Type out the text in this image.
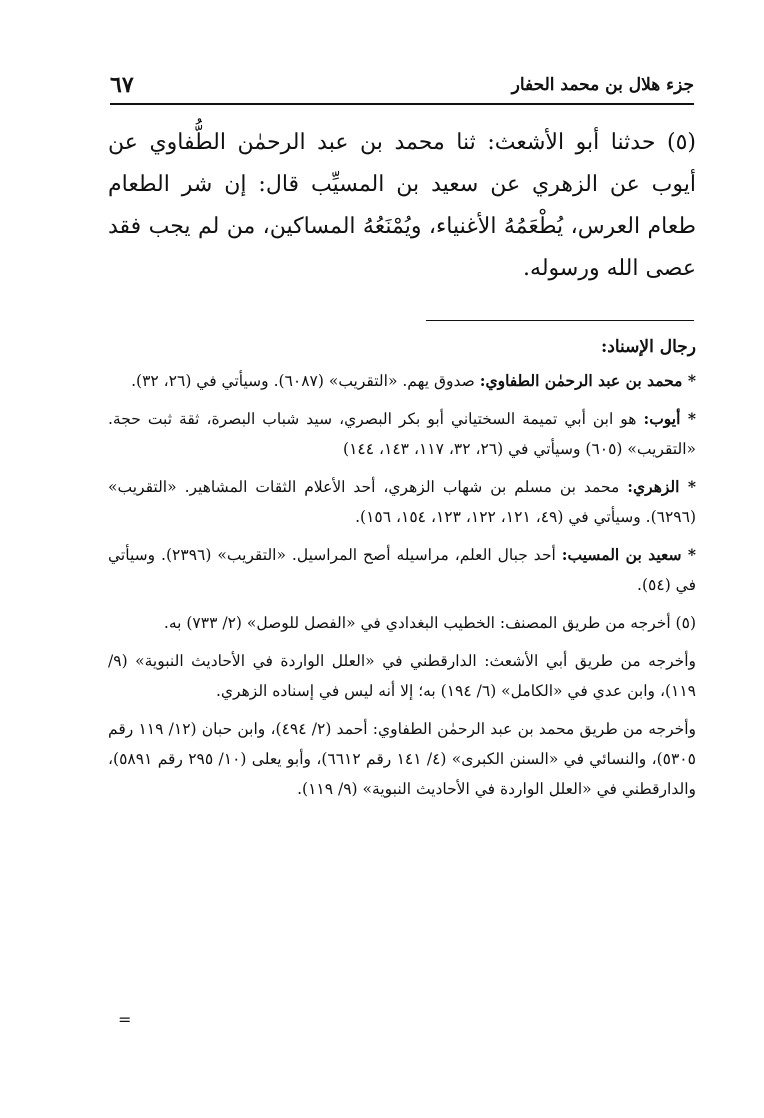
جزء هلال بن محمد الحفار
٦٧

(٥) حدثنا أبو الأشعث: ثنا محمد بن عبد الرحمٰن الطُّفاوي عن أيوب عن الزهري عن سعيد بن المسيِّب قال: إن شر الطعام طعام العرس، يُطْعَمُهُ الأغنياء، ويُمْنَعُهُ المساكين، من لم يجب فقد عصى الله ورسوله.

رجال الإسناد:

* محمد بن عبد الرحمٰن الطفاوي: صدوق يهم. «التقريب» (٦٠٨٧). وسيأتي في (٢٦، ٣٢).

* أيوب: هو ابن أبي تميمة السختياني أبو بكر البصري، سيد شباب البصرة، ثقة ثبت حجة. «التقريب» (٦٠٥) وسيأتي في (٢٦، ٣٢، ١١٧، ١٤٣، ١٤٤)

* الزهري: محمد بن مسلم بن شهاب الزهري، أحد الأعلام الثقات المشاهير. «التقريب» (٦٢٩٦). وسيأتي في (٤٩، ١٢١، ١٢٢، ١٢٣، ١٥٤، ١٥٦).

* سعيد بن المسيب: أحد جبال العلم، مراسيله أصح المراسيل. «التقريب» (٢٣٩٦). وسيأتي في (٥٤).

(٥) أخرجه من طريق المصنف: الخطيب البغدادي في «الفصل للوصل» (٢/ ٧٣٣) به.

وأخرجه من طريق أبي الأشعث: الدارقطني في «العلل الواردة في الأحاديث النبوية» (٩/ ١١٩)، وابن عدي في «الكامل» (٦/ ١٩٤) به؛ إلا أنه ليس في إسناده الزهري.

وأخرجه من طريق محمد بن عبد الرحمٰن الطفاوي: أحمد (٢/ ٤٩٤)، وابن حبان (١٢/ ١١٩ رقم ٥٣٠٥)، والنسائي في «السنن الكبرى» (٤/ ١٤١ رقم ٦٦١٢)، وأبو يعلى (١٠/ ٢٩٥ رقم ٥٨٩١)، والدارقطني في «العلل الواردة في الأحاديث النبوية» (٩/ ١١٩).

=
